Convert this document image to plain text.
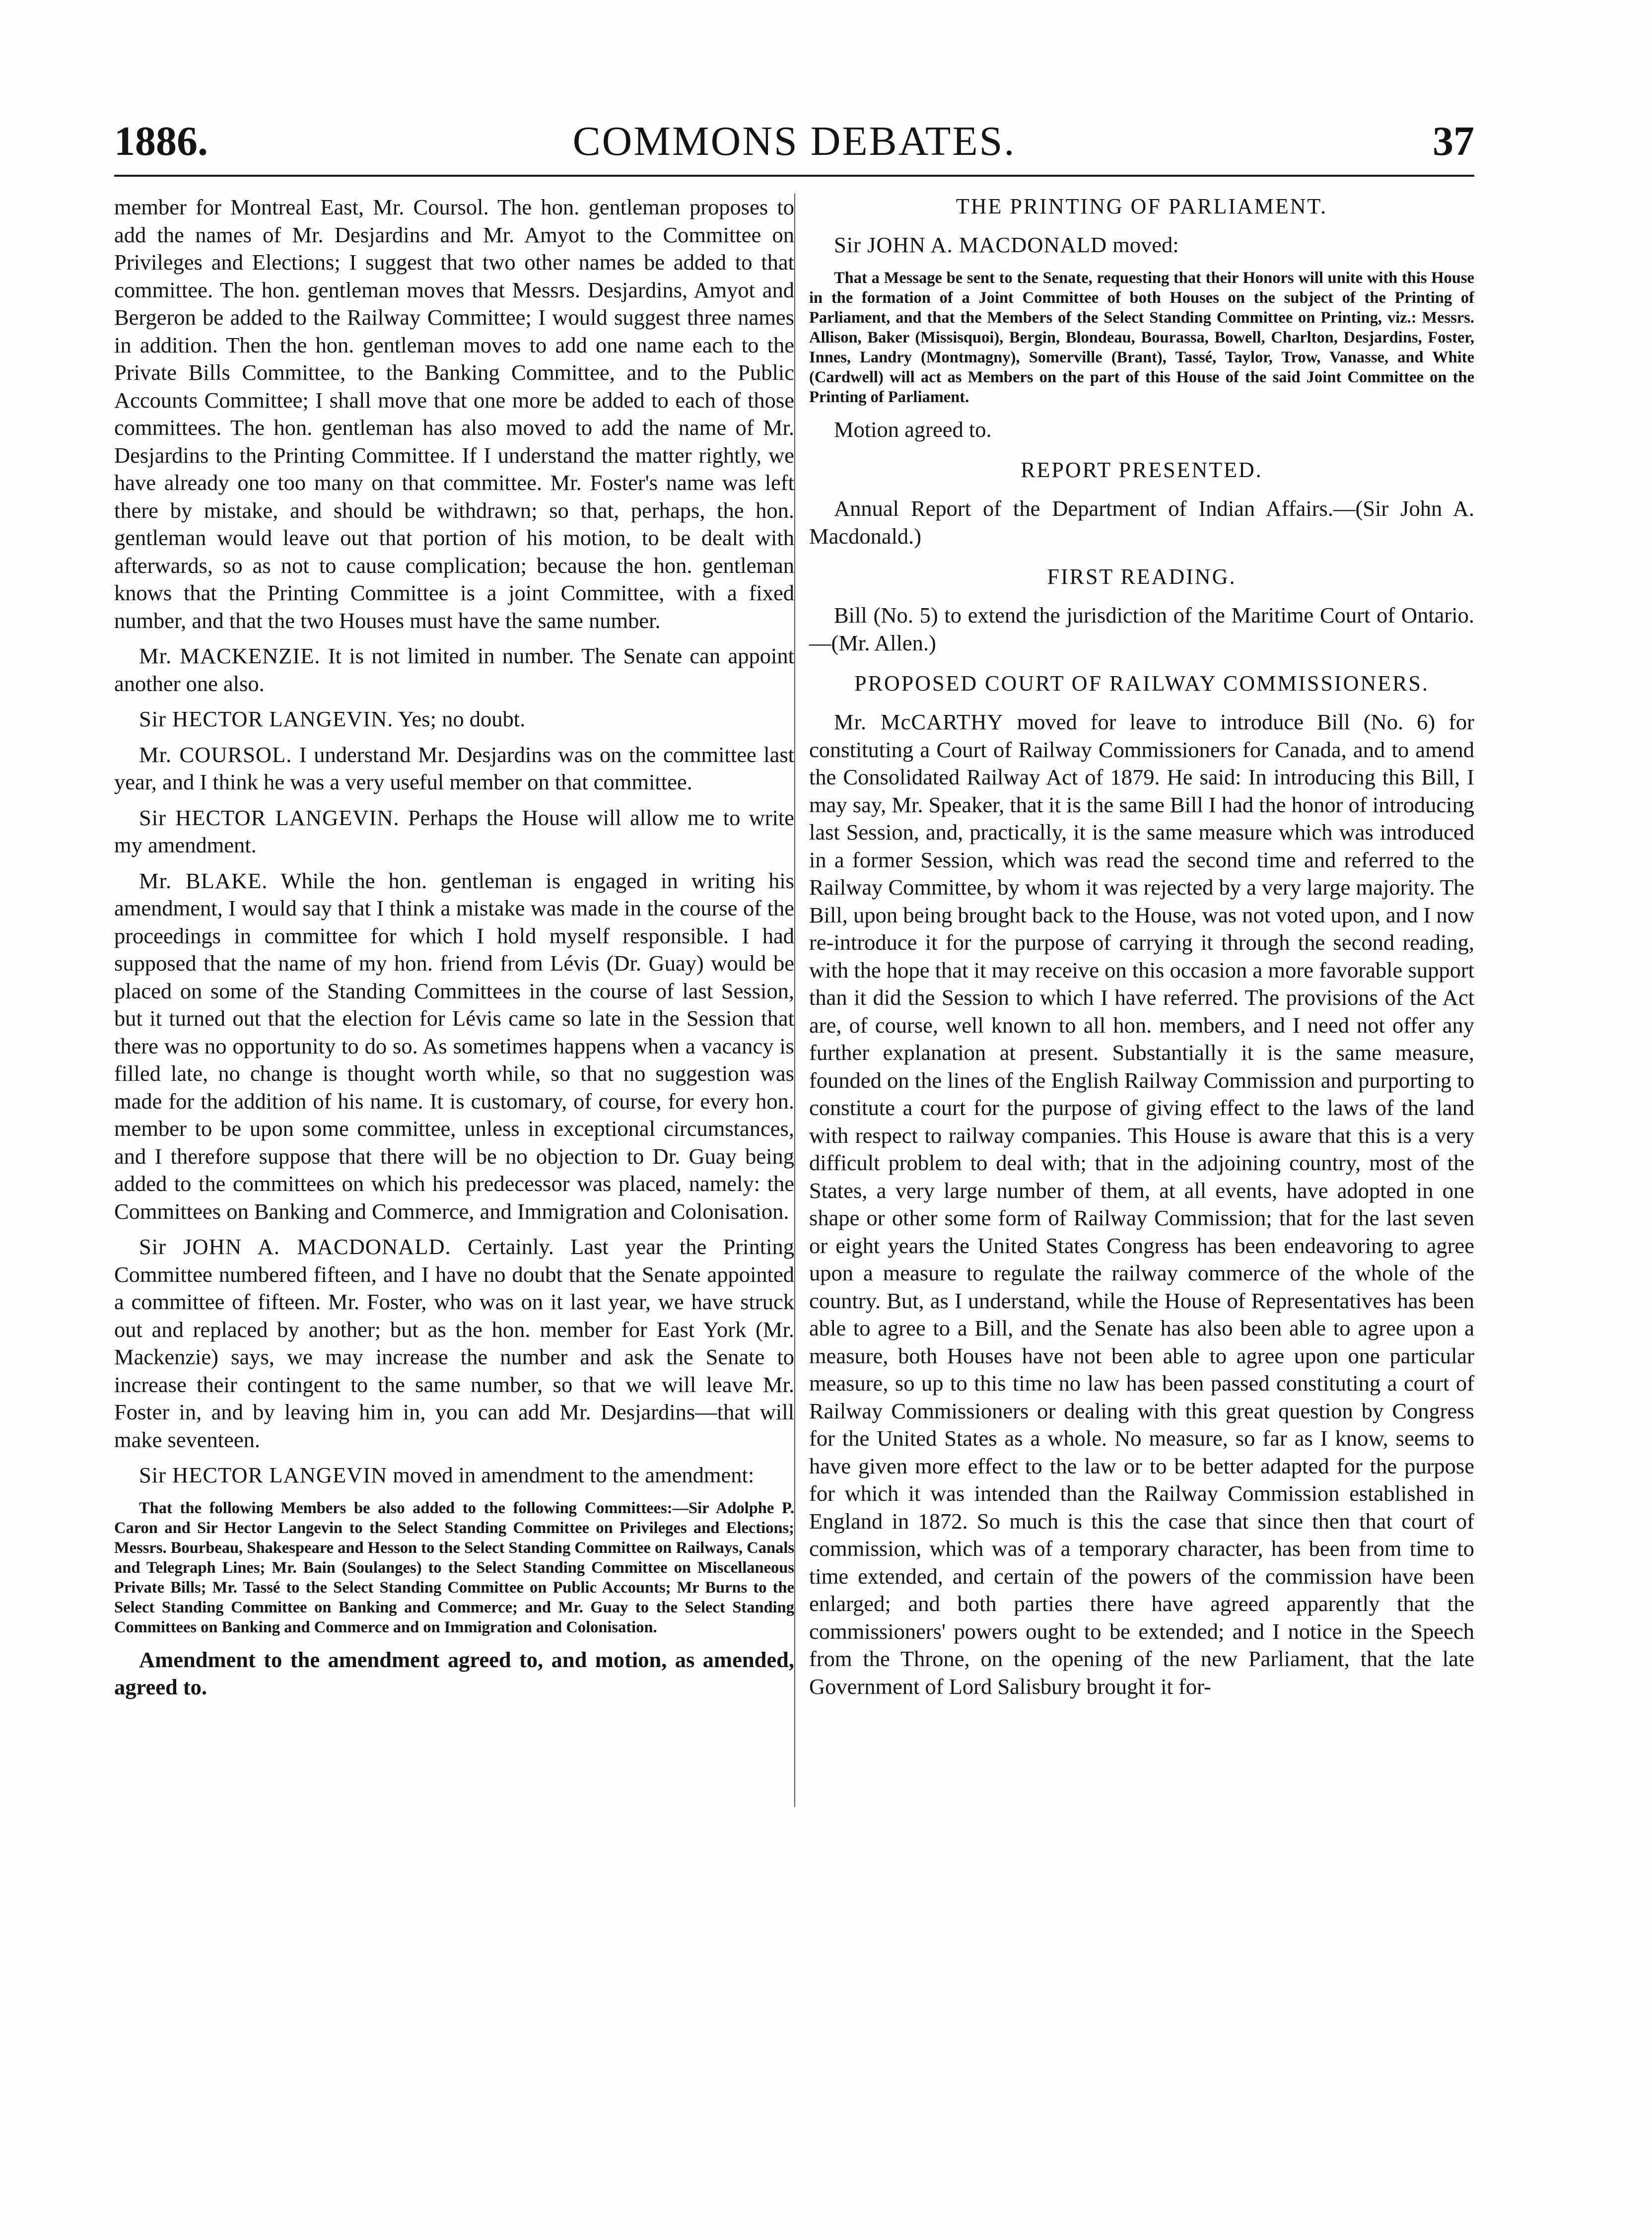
1886.	COMMONS DEBATES.	37

member for Montreal East, Mr. Coursol. The hon. gentleman proposes to add the names of Mr. Desjardins and Mr. Amyot to the Committee on Privileges and Elections; I suggest that two other names be added to that committee. The hon. gentleman moves that Messrs. Desjardins, Amyot and Bergeron be added to the Railway Committee; I would suggest three names in addition. Then the hon. gentleman moves to add one name each to the Private Bills Committee, to the Banking Committee, and to the Public Accounts Committee; I shall move that one more be added to each of those committees. The hon. gentleman has also moved to add the name of Mr. Desjardins to the Printing Committee. If I understand the matter rightly, we have already one too many on that committee. Mr. Foster's name was left there by mistake, and should be withdrawn; so that, perhaps, the hon. gentleman would leave out that portion of his motion, to be dealt with afterwards, so as not to cause complication; because the hon. gentleman knows that the Printing Committee is a joint Committee, with a fixed number, and that the two Houses must have the same number.

Mr. MACKENZIE. It is not limited in number. The Senate can appoint another one also.

Sir HECTOR LANGEVIN. Yes; no doubt.

Mr. COURSOL. I understand Mr. Desjardins was on the committee last year, and I think he was a very useful member on that committee.

Sir HECTOR LANGEVIN. Perhaps the House will allow me to write my amendment.

Mr. BLAKE. While the hon. gentleman is engaged in writing his amendment, I would say that I think a mistake was made in the course of the proceedings in committee for which I hold myself responsible. I had supposed that the name of my hon. friend from Lévis (Dr. Guay) would be placed on some of the Standing Committees in the course of last Session, but it turned out that the election for Lévis came so late in the Session that there was no opportunity to do so. As sometimes happens when a vacancy is filled late, no change is thought worth while, so that no suggestion was made for the addition of his name. It is customary, of course, for every hon. member to be upon some committee, unless in exceptional circumstances, and I therefore suppose that there will be no objection to Dr. Guay being added to the committees on which his predecessor was placed, namely: the Committees on Banking and Commerce, and Immigration and Colonisation.

Sir JOHN A. MACDONALD. Certainly. Last year the Printing Committee numbered fifteen, and I have no doubt that the Senate appointed a committee of fifteen. Mr. Foster, who was on it last year, we have struck out and replaced by another; but as the hon. member for East York (Mr. Mackenzie) says, we may increase the number and ask the Senate to increase their contingent to the same number, so that we will leave Mr. Foster in, and by leaving him in, you can add Mr. Desjardins—that will make seventeen.

Sir HECTOR LANGEVIN moved in amendment to the amendment:

That the following Members be also added to the following Committees:—Sir Adolphe P. Caron and Sir Hector Langevin to the Select Standing Committee on Privileges and Elections; Messrs. Bourbeau, Shakespeare and Hesson to the Select Standing Committee on Railways, Canals and Telegraph Lines; Mr. Bain (Soulanges) to the Select Standing Committee on Miscellaneous Private Bills; Mr. Tassé to the Select Standing Committee on Public Accounts; Mr Burns to the Select Standing Committee on Banking and Commerce; and Mr. Guay to the Select Standing Committees on Banking and Commerce and on Immigration and Colonisation.

Amendment to the amendment agreed to, and motion, as amended, agreed to.

THE PRINTING OF PARLIAMENT.

Sir JOHN A. MACDONALD moved:

That a Message be sent to the Senate, requesting that their Honors will unite with this House in the formation of a Joint Committee of both Houses on the subject of the Printing of Parliament, and that the Members of the Select Standing Committee on Printing, viz.: Messrs. Allison, Baker (Missisquoi), Bergin, Blondeau, Bourassa, Bowell, Charlton, Desjardins, Foster, Innes, Landry (Montmagny), Somerville (Brant), Tassé, Taylor, Trow, Vanasse, and White (Cardwell) will act as Members on the part of this House of the said Joint Committee on the Printing of Parliament.

Motion agreed to.

REPORT PRESENTED.

Annual Report of the Department of Indian Affairs.—(Sir John A. Macdonald.)

FIRST READING.

Bill (No. 5) to extend the jurisdiction of the Maritime Court of Ontario.—(Mr. Allen.)

PROPOSED COURT OF RAILWAY COMMISSIONERS.

Mr. McCARTHY moved for leave to introduce Bill (No. 6) for constituting a Court of Railway Commissioners for Canada, and to amend the Consolidated Railway Act of 1879. He said: In introducing this Bill, I may say, Mr. Speaker, that it is the same Bill I had the honor of introducing last Session, and, practically, it is the same measure which was introduced in a former Session, which was read the second time and referred to the Railway Committee, by whom it was rejected by a very large majority. The Bill, upon being brought back to the House, was not voted upon, and I now re-introduce it for the purpose of carrying it through the second reading, with the hope that it may receive on this occasion a more favorable support than it did the Session to which I have referred. The provisions of the Act are, of course, well known to all hon. members, and I need not offer any further explanation at present. Substantially it is the same measure, founded on the lines of the English Railway Commission and purporting to constitute a court for the purpose of giving effect to the laws of the land with respect to railway companies. This House is aware that this is a very difficult problem to deal with; that in the adjoining country, most of the States, a very large number of them, at all events, have adopted in one shape or other some form of Railway Commission; that for the last seven or eight years the United States Congress has been endeavoring to agree upon a measure to regulate the railway commerce of the whole of the country. But, as I understand, while the House of Representatives has been able to agree to a Bill, and the Senate has also been able to agree upon a measure, both Houses have not been able to agree upon one particular measure, so up to this time no law has been passed constituting a court of Railway Commissioners or dealing with this great question by Congress for the United States as a whole. No measure, so far as I know, seems to have given more effect to the law or to be better adapted for the purpose for which it was intended than the Railway Commission established in England in 1872. So much is this the case that since then that court of commission, which was of a temporary character, has been from time to time extended, and certain of the powers of the commission have been enlarged; and both parties there have agreed apparently that the commissioners' powers ought to be extended; and I notice in the Speech from the Throne, on the opening of the new Parliament, that the late Government of Lord Salisbury brought it for-
